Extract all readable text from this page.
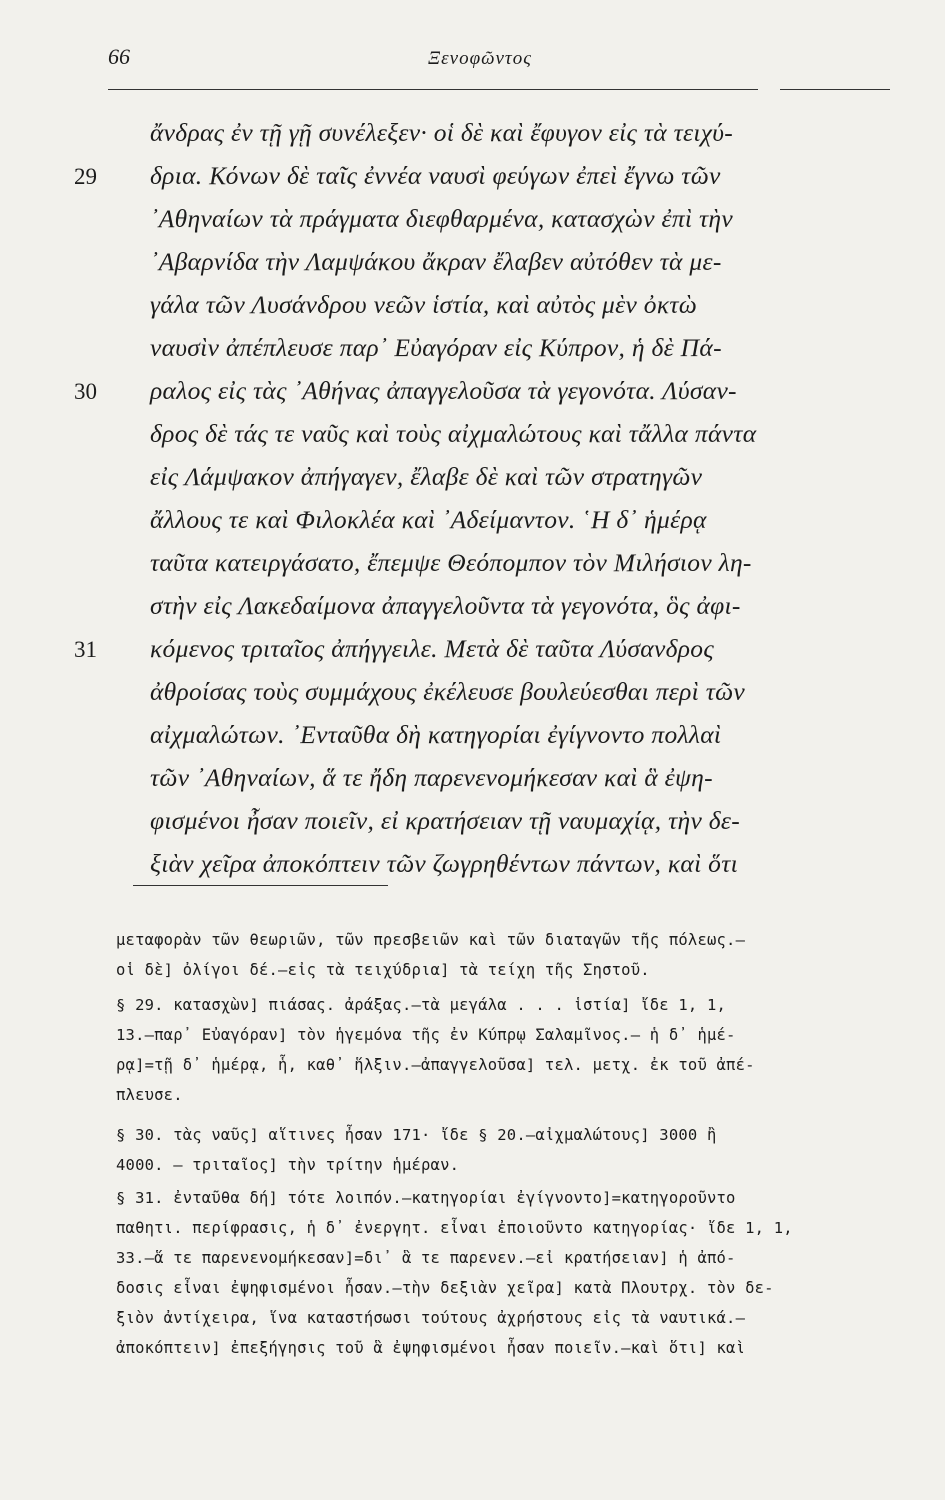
66	Ξενοφῶντος
ἄνδρας ἐν τῇ γῇ συνέλεξεν· οἱ δὲ καὶ ἔφυγον εἰς τὰ τειχύ-
δρια. Κόνων δὲ ταῖς ἐννέα ναυσὶ φεύγων ἐπεὶ ἔγνω τῶν
᾿Αθηναίων τὰ πράγματα διεφθαρμένα, κατασχὼν ἐπὶ τὴν
᾿Αβαρνίδα τὴν Λαμψάκου ἄκραν ἔλαβεν αὐτόθεν τὰ με-
γάλα τῶν Λυσάνδρου νεῶν ἱστία, καὶ αὐτὸς μὲν ὀκτὼ
ναυσὶν ἀπέπλευσε παρ᾿ Εὐαγόραν εἰς Κύπρον, ἡ δὲ Πά-
ραλος εἰς τὰς ᾿Αθήνας ἀπαγγελοῦσα τὰ γεγονότα. Λύσαν-
δρος δὲ τάς τε ναῦς καὶ τοὺς αἰχμαλώτους καὶ τἄλλα πάντα
εἰς Λάμψακον ἀπήγαγεν, ἔλαβε δὲ καὶ τῶν στρατηγῶν
ἄλλους τε καὶ Φιλοκλέα καὶ ᾿Αδείμαντον. ῾Η δ᾿ ἡμέρᾳ
ταῦτα κατειργάσατο, ἔπεμψε Θεόπομπον τὸν Μιλήσιον λη-
στὴν εἰς Λακεδαίμονα ἀπαγγελοῦντα τὰ γεγονότα, ὃς ἀφι-
κόμενος τριταῖος ἀπήγγειλε. Μετὰ δὲ ταῦτα Λύσανδρος
ἀθροίσας τοὺς συμμάχους ἐκέλευσε βουλεύεσθαι περὶ τῶν
αἰχμαλώτων. ᾿Ενταῦθα δὴ κατηγορίαι ἐγίγνοντο πολλαὶ
τῶν ᾿Αθηναίων, ἅ τε ἤδη παρενενομήκεσαν καὶ ἃ ἐψη-
φισμένοι ἦσαν ποιεῖν, εἰ κρατήσειαν τῇ ναυμαχίᾳ, τὴν δε-
ξιὰν χεῖρα ἀποκόπτειν τῶν ζωγρηθέντων πάντων, καὶ ὅτι
29
30
31
μεταφορὰν τῶν θεωριῶν, τῶν πρεσβειῶν καὶ τῶν διαταγῶν τῆς πόλεως.—
οἱ δὲ] ὀλίγοι δέ.—εἰς τὰ τειχύδρια] τὰ τείχη τῆς Σηστοῦ.
§ 29. κατασχὼν] πιάσας. ἀράξας.—τὰ μεγάλα . . . ἱστία] ἴδε 1, 1,
13.—παρ᾿ Εὐαγόραν] τὸν ἡγεμόνα τῆς ἐν Κύπρῳ Σαλαμῖνος.— ἡ δ᾿ ἡμέ-
ρᾳ]=τῇ δ᾿ ἡμέρᾳ, ἧ, καθ᾿ ἥλξιν.—ἀπαγγελοῦσα] τελ. μετχ. ἐκ τοῦ ἀπέ-
πλευσε.
§ 30. τὰς ναῦς] αἵτινες ἦσαν 171· ἴδε § 20.—αἰχμαλώτους] 3000 ἢ
4000. – τριταῖος] τὴν τρίτην ἡμέραν.
§ 31. ἐνταῦθα δή] τότε λοιπόν.—κατηγορίαι ἐγίγνοντο]=κατηγοροῦντο
παθητι. περίφρασις, ἡ δ᾿ ἐνεργητ. εἶναι ἐποιοῦντο κατηγορίας· ἴδε 1, 1,
33.—ἅ τε παρενενομήκεσαν]=δι᾿ ἃ τε παρενεν.—εἰ κρατήσειαν] ἡ ἀπό-
δοσις εἶναι ἐψηφισμένοι ἦσαν.—τὴν δεξιὰν χεῖρα] κατὰ Πλουτρχ. τὸν δε-
ξιὸν ἀντίχειρα, ἵνα καταστήσωσι τούτους ἀχρήστους εἰς τὰ ναυτικά.—
ἀποκόπτειν] ἐπεξήγησις τοῦ ἃ ἐψηφισμένοι ἦσαν ποιεῖν.—καὶ ὅτι] καὶ
